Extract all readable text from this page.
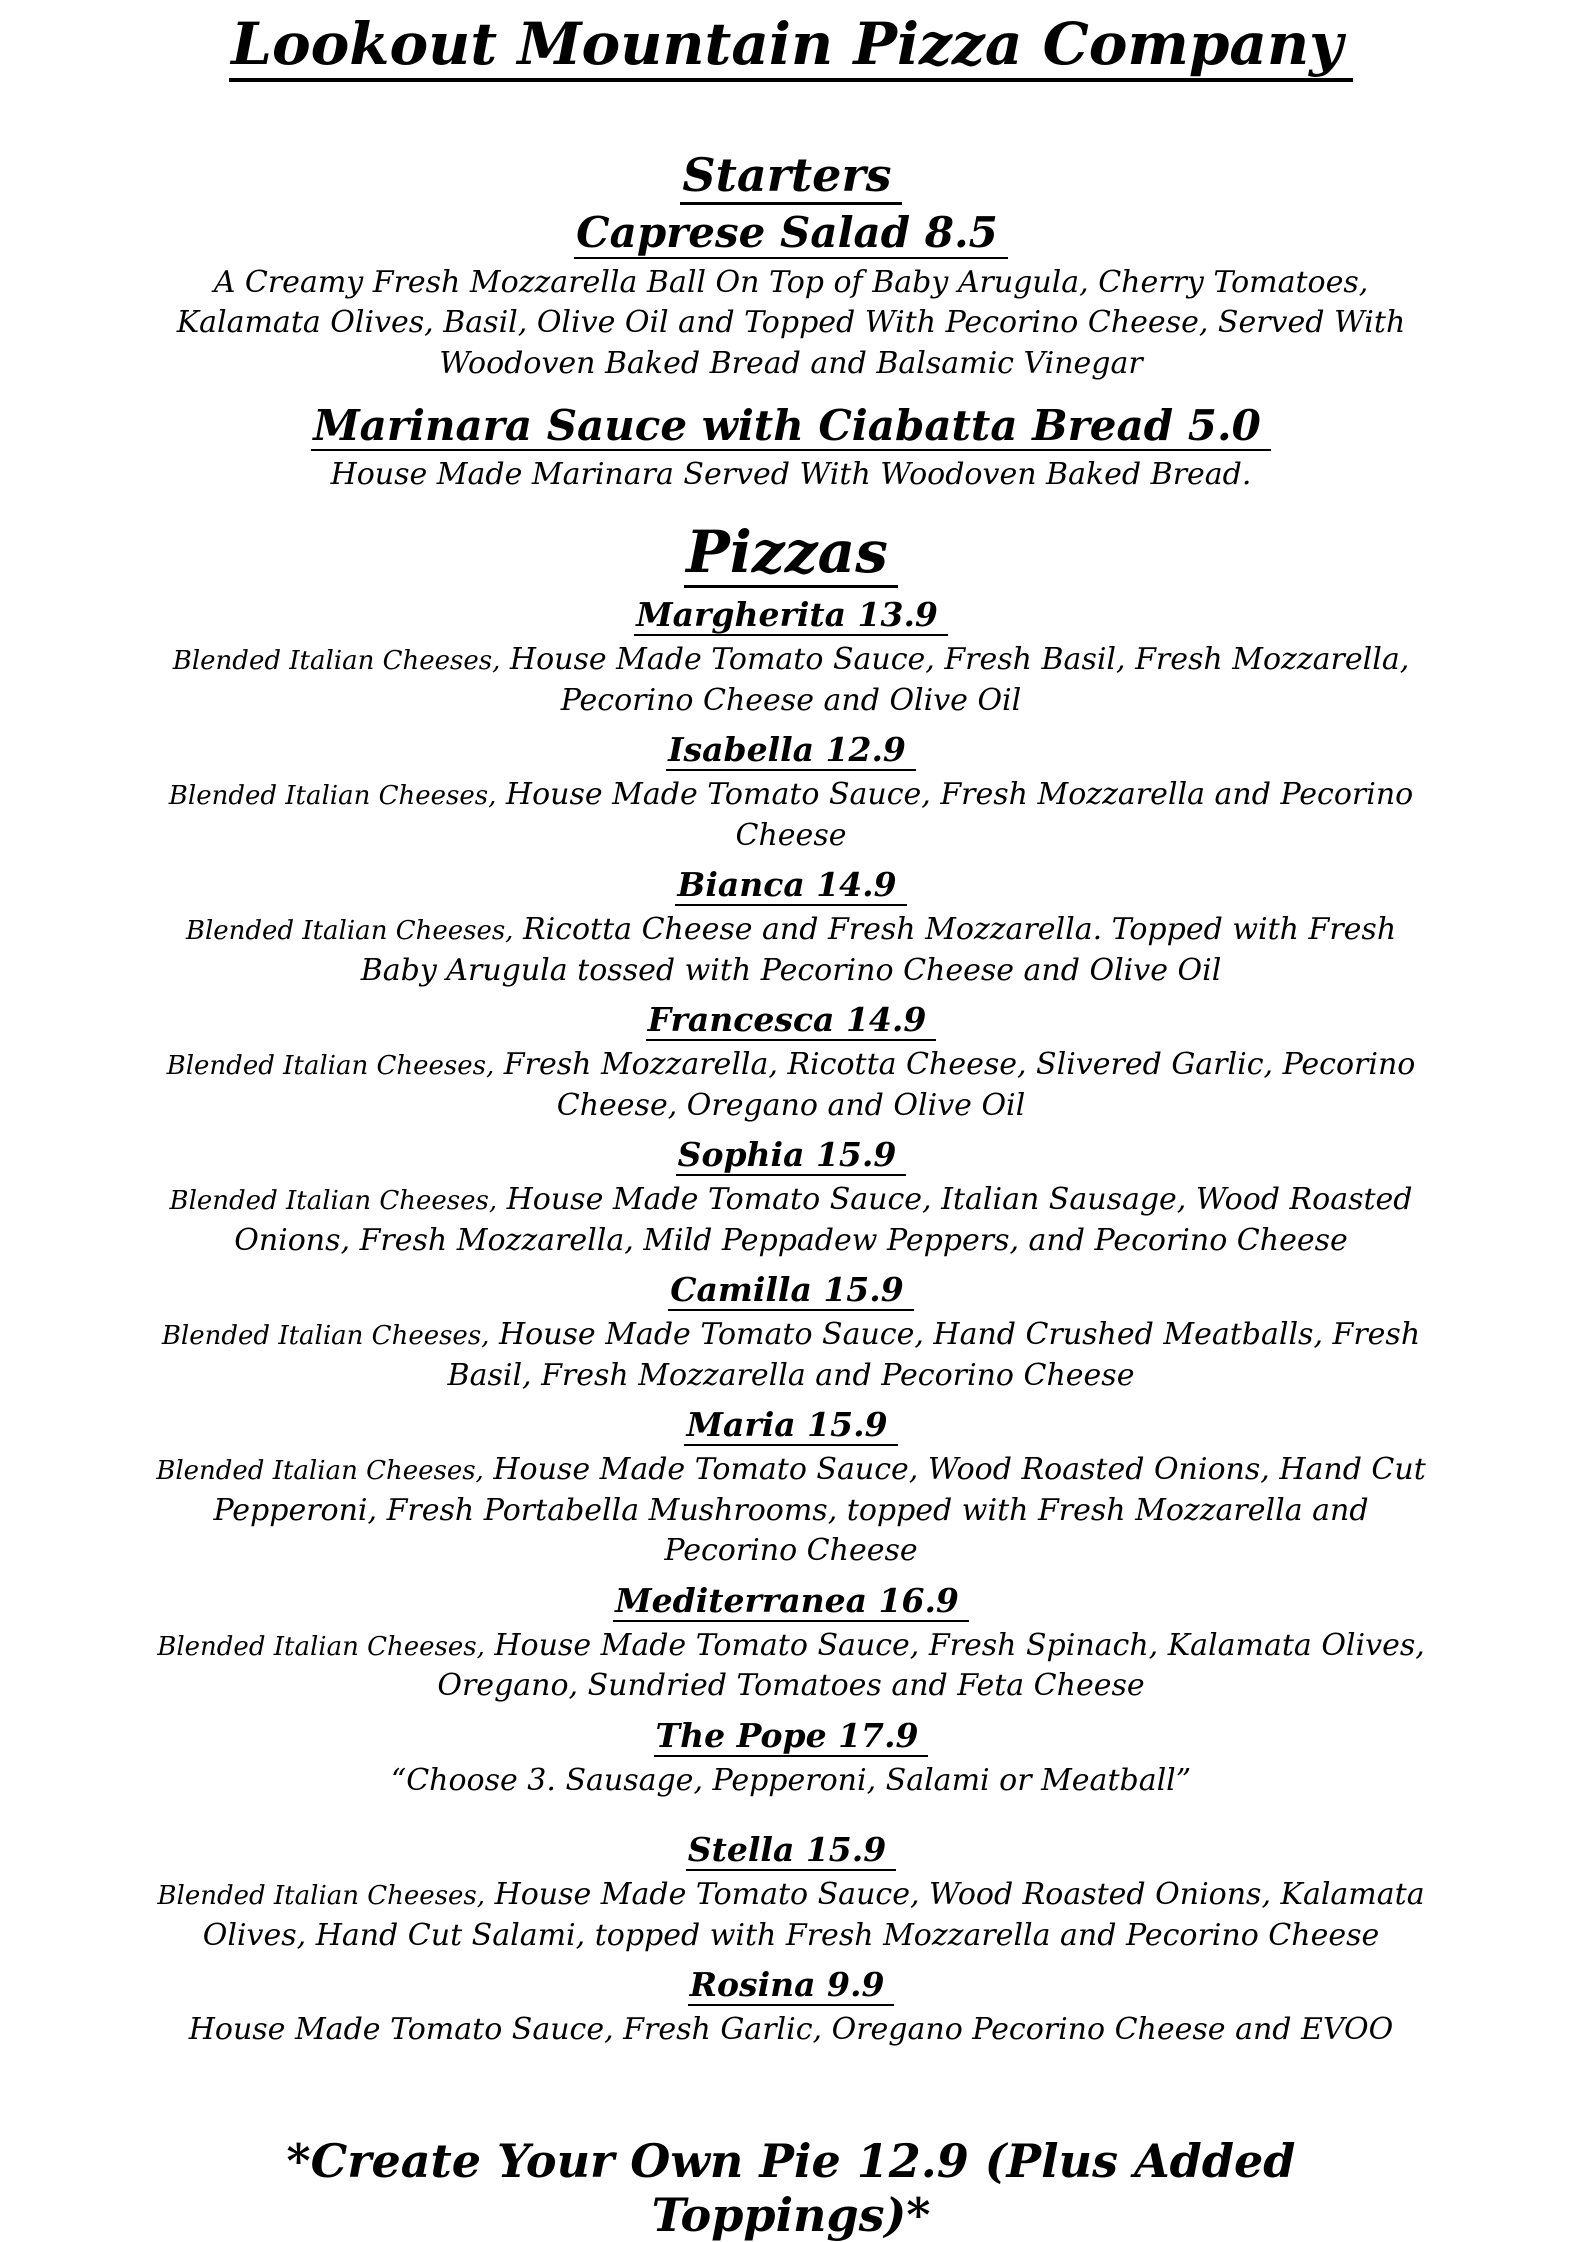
Lookout Mountain Pizza Company
Starters
Caprese Salad 8.5

A Creamy Fresh Mozzarella Ball On Top of Baby Arugula, Cherry Tomatoes, Kalamata Olives, Basil, Olive Oil and Topped With Pecorino Cheese, Served With Woodoven Baked Bread and Balsamic Vinegar

Marinara Sauce with Ciabatta Bread 5.0

House Made Marinara Served With Woodoven Baked Bread.

Pizzas
Margherita 13.9

Blended Italian Cheeses, House Made Tomato Sauce, Fresh Basil, Fresh Mozzarella, Pecorino Cheese and Olive Oil

Isabella 12.9

Blended Italian Cheeses, House Made Tomato Sauce, Fresh Mozzarella and Pecorino Cheese

Bianca 14.9

Blended Italian Cheeses, Ricotta Cheese and Fresh Mozzarella. Topped with Fresh Baby Arugula tossed with Pecorino Cheese and Olive Oil

Francesca 14.9

Blended Italian Cheeses, Fresh Mozzarella, Ricotta Cheese, Slivered Garlic, Pecorino Cheese, Oregano and Olive Oil

Sophia 15.9

Blended Italian Cheeses, House Made Tomato Sauce, Italian Sausage, Wood Roasted Onions, Fresh Mozzarella, Mild Peppadew Peppers, and Pecorino Cheese

Camilla 15.9

Blended Italian Cheeses, House Made Tomato Sauce, Hand Crushed Meatballs, Fresh Basil, Fresh Mozzarella and Pecorino Cheese

Maria 15.9

Blended Italian Cheeses, House Made Tomato Sauce, Wood Roasted Onions, Hand Cut Pepperoni, Fresh Portabella Mushrooms, topped with Fresh Mozzarella and Pecorino Cheese

Mediterranea 16.9

Blended Italian Cheeses, House Made Tomato Sauce, Fresh Spinach, Kalamata Olives, Oregano, Sundried Tomatoes and Feta Cheese

The Pope 17.9

“Choose 3. Sausage, Pepperoni, Salami or Meatball”

Stella 15.9

Blended Italian Cheeses, House Made Tomato Sauce, Wood Roasted Onions, Kalamata Olives, Hand Cut Salami, topped with Fresh Mozzarella and Pecorino Cheese

Rosina 9.9

House Made Tomato Sauce, Fresh Garlic, Oregano Pecorino Cheese and EVOO

*Create Your Own Pie 12.9 (Plus Added Toppings)*
